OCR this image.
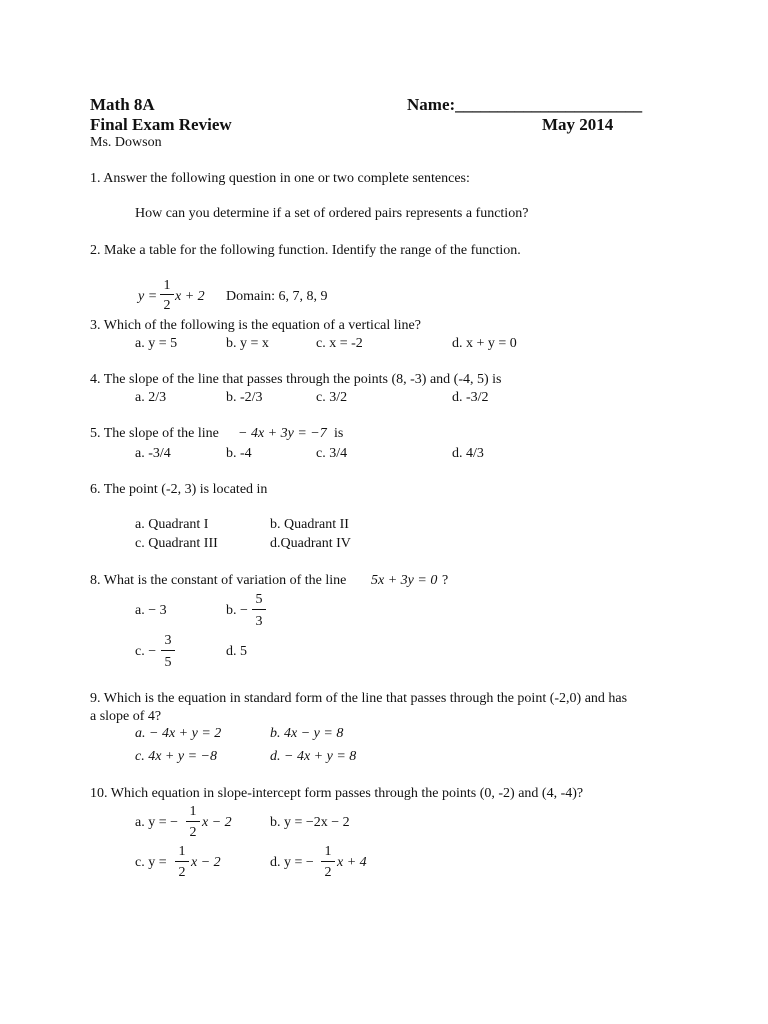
Math 8A	Name:______________________
Final Exam Review	May 2014
Ms. Dowson
1. Answer the following question in one or two complete sentences:
How can you determine if a set of ordered pairs represents a function?
2. Make a table for the following function. Identify the range of the function.
y =
1
2
x + 2 Domain: 6, 7, 8, 9
3. Which of the following is the equation of a vertical line?
a. y = 5	b. y = x	c. x = -2	d. x + y = 0
4. The slope of the line that passes through the points (8, -3) and (-4, 5) is
a. 2/3	b. -2/3	c. 3/2	d. -3/2
5. The slope of the line − 4x + 3y = −7 is
a. -3/4	b. -4	c. 3/4	d. 4/3
6. The point (-2, 3) is located in
a. Quadrant I	b. Quadrant II
c. Quadrant III	d.Quadrant IV
8. What is the constant of variation of the line 5x + 3y = 0 ?
a. − 3	b. −
5
3
c. −
3
5
d. 5
9. Which is the equation in standard form of the line that passes through the point (-2,0) and has
a slope of 4?
a. − 4x + y = 2	b. 4x − y = 8
c. 4x + y = −8	d. − 4x + y = 8
10. Which equation in slope-intercept form passes through the points (0, -2) and (4, -4)?
a. y = −
1
2
x − 2	b. y = −2x − 2
c. y =
1
2
x − 2	d. y = −
1
2
x + 4
